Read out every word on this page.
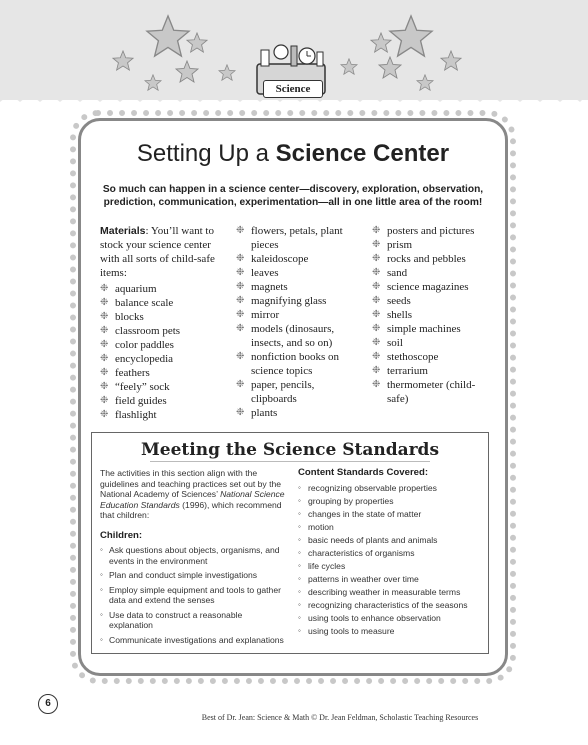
Science
Setting Up a Science Center
So much can happen in a science center—discovery, exploration, observation, prediction, communication, experimentation—all in one little area of the room!
Materials: You’ll want to stock your science center with all sorts of child-safe items:
❉ aquarium
❉ balance scale
❉ blocks
❉ classroom pets
❉ color paddles
❉ encyclopedia
❉ feathers
❉ “feely” sock
❉ field guides
❉ flashlight
❉ flowers, petals, plant pieces
❉ kaleidoscope
❉ leaves
❉ magnets
❉ magnifying glass
❉ mirror
❉ models (dinosaurs, insects, and so on)
❉ nonfiction books on science topics
❉ paper, pencils, clipboards
❉ plants
❉ posters and pictures
❉ prism
❉ rocks and pebbles
❉ sand
❉ science magazines
❉ seeds
❉ shells
❉ simple machines
❉ soil
❉ stethoscope
❉ terrarium
❉ thermometer (child-safe)
Meeting the Science Standards
The activities in this section align with the guidelines and teaching practices set out by the National Academy of Sciences’ National Science Education Standards (1996), which recommend that children:
Children:
◦ Ask questions about objects, organisms, and events in the environment
◦ Plan and conduct simple investigations
◦ Employ simple equipment and tools to gather data and extend the senses
◦ Use data to construct a reasonable explanation
◦ Communicate investigations and explanations
Content Standards Covered:
◦ recognizing observable properties
◦ grouping by properties
◦ changes in the state of matter
◦ motion
◦ basic needs of plants and animals
◦ characteristics of organisms
◦ life cycles
◦ patterns in weather over time
◦ describing weather in measurable terms
◦ recognizing characteristics of the seasons
◦ using tools to enhance observation
◦ using tools to measure
6
Best of Dr. Jean: Science & Math © Dr. Jean Feldman, Scholastic Teaching Resources
